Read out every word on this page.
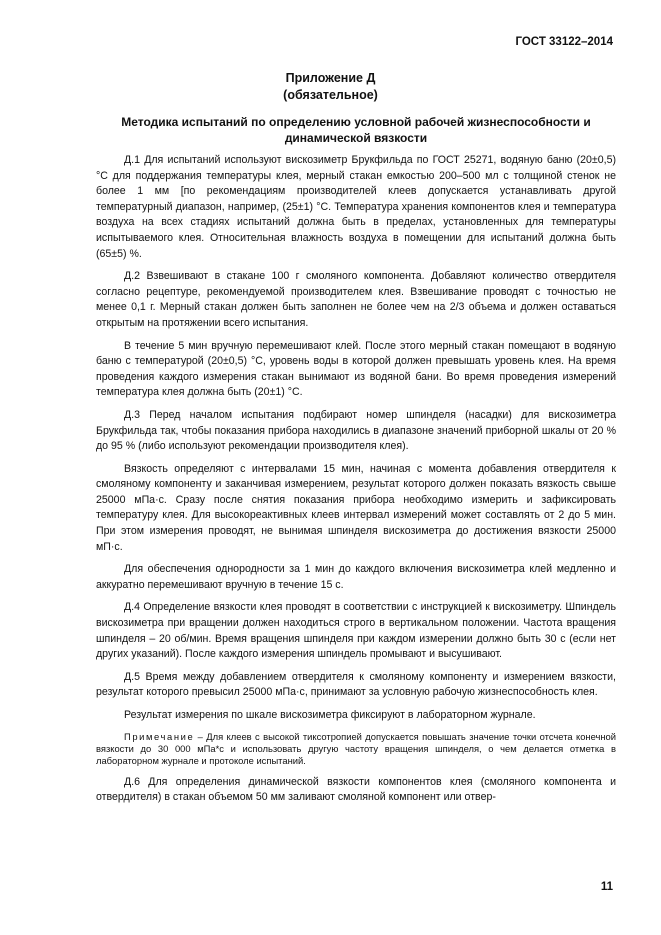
ГОСТ 33122–2014
Приложение Д
(обязательное)
Методика испытаний по определению условной рабочей жизнеспособности и динамической вязкости

Д.1 Для испытаний используют вискозиметр Брукфильда по ГОСТ 25271, водяную баню (20±0,5) °С для поддержания температуры клея, мерный стакан емкостью 200–500 мл с толщиной стенок не более 1 мм [по рекомендациям производителей клеев допускается устанавливать другой температурный диапазон, например, (25±1) °С. Температура хранения компонентов клея и температура воздуха на всех стадиях испытаний должна быть в пределах, установленных для температуры испытываемого клея. Относительная влажность воздуха в помещении для испытаний должна быть (65±5) %.

Д.2 Взвешивают в стакане 100 г смоляного компонента. Добавляют количество отвердителя согласно рецептуре, рекомендуемой производителем клея. Взвешивание проводят с точностью не менее 0,1 г. Мерный стакан должен быть заполнен не более чем на 2/3 объема и должен оставаться открытым на протяжении всего испытания.

В течение 5 мин вручную перемешивают клей. После этого мерный стакан помещают в водяную баню с температурой (20±0,5) °С, уровень воды в которой должен превышать уровень клея. На время проведения каждого измерения стакан вынимают из водяной бани. Во время проведения измерений температура клея должна быть (20±1) °С.

Д.3 Перед началом испытания подбирают номер шпинделя (насадки) для вискозиметра Брукфильда так, чтобы показания прибора находились в диапазоне значений приборной шкалы от 20 % до 95 % (либо используют рекомендации производителя клея).

Вязкость определяют с интервалами 15 мин, начиная с момента добавления отвердителя к смоляному компоненту и заканчивая измерением, результат которого должен показать вязкость свыше 25000 мПа·с. Сразу после снятия показания прибора необходимо измерить и зафиксировать температуру клея. Для высокореактивных клеев интервал измерений может составлять от 2 до 5 мин. При этом измерения проводят, не вынимая шпинделя вискозиметра до достижения вязкости 25000 мП·с.

Для обеспечения однородности за 1 мин до каждого включения вискозиметра клей медленно и аккуратно перемешивают вручную в течение 15 с.

Д.4 Определение вязкости клея проводят в соответствии с инструкцией к вискозиметру. Шпиндель вискозиметра при вращении должен находиться строго в вертикальном положении. Частота вращения шпинделя – 20 об/мин. Время вращения шпинделя при каждом измерении должно быть 30 с (если нет других указаний). После каждого измерения шпиндель промывают и высушивают.

Д.5 Время между добавлением отвердителя к смоляному компоненту и измерением вязкости, результат которого превысил 25000 мПа·с, принимают за условную рабочую жизнеспособность клея.

Результат измерения по шкале вискозиметра фиксируют в лабораторном журнале.

Примечание – Для клеев с высокой тиксотропией допускается повышать значение точки отсчета конечной вязкости до 30 000 мПа*с и использовать другую частоту вращения шпинделя, о чем делается отметка в лабораторном журнале и протоколе испытаний.

Д.6 Для определения динамической вязкости компонентов клея (смоляного компонента и отвердителя) в стакан объемом 50 мм заливают смоляной компонент или отвер-

11
